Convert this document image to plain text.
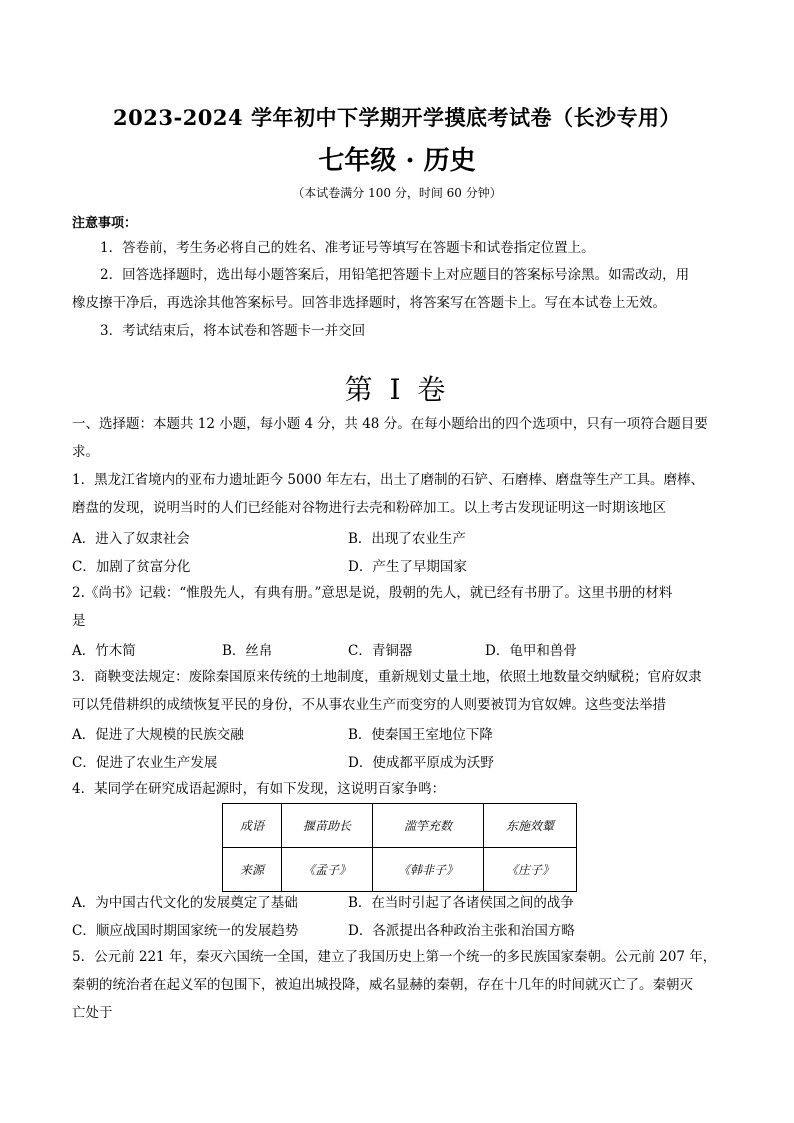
2023-2024 学年初中下学期开学摸底考试卷（长沙专用）
七年级 · 历史
（本试卷满分 100 分，时间 60 分钟）
注意事项：
1．答卷前，考生务必将自己的姓名、准考证号等填写在答题卡和试卷指定位置上。
2．回答选择题时，选出每小题答案后，用铅笔把答题卡上对应题目的答案标号涂黑。如需改动，用
橡皮擦干净后，再选涂其他答案标号。回答非选择题时，将答案写在答题卡上。写在本试卷上无效。
3．考试结束后，将本试卷和答题卡一并交回
第 I 卷
一、选择题：本题共 12 小题，每小题 4 分，共 48 分。在每小题给出的四个选项中，只有一项符合题目要
求。
1．黑龙江省境内的亚布力遗址距今 5000 年左右，出土了磨制的石铲、石磨棒、磨盘等生产工具。磨棒、
磨盘的发现，说明当时的人们已经能对谷物进行去壳和粉碎加工。以上考古发现证明这一时期该地区
A．进入了奴隶社会	B．出现了农业生产
C．加剧了贫富分化	D．产生了早期国家
2.《尚书》记载：“惟殷先人，有典有册。”意思是说，殷朝的先人，就已经有书册了。这里书册的材料
是
A．竹木简	B．丝帛	C．青铜器	D．龟甲和兽骨
3．商鞅变法规定：废除秦国原来传统的土地制度，重新规划丈量土地，依照土地数量交纳赋税；官府奴隶
可以凭借耕织的成绩恢复平民的身份，不从事农业生产而变穷的人则要被罚为官奴婢。这些变法举措
A．促进了大规模的民族交融	B．使秦国王室地位下降
C．促进了农业生产发展	D．使成都平原成为沃野
4．某同学在研究成语起源时，有如下发现，这说明百家争鸣：
成语	揠苗助长	滥竽充数	东施效颦
来源	《孟子》	《韩非子》	《庄子》
A．为中国古代文化的发展奠定了基础	B．在当时引起了各诸侯国之间的战争
C．顺应战国时期国家统一的发展趋势	D．各派提出各种政治主张和治国方略
5．公元前 221 年，秦灭六国统一全国，建立了我国历史上第一个统一的多民族国家秦朝。公元前 207 年，
秦朝的统治者在起义军的包围下，被迫出城投降，威名显赫的秦朝，存在十几年的时间就灭亡了。秦朝灭
亡处于
